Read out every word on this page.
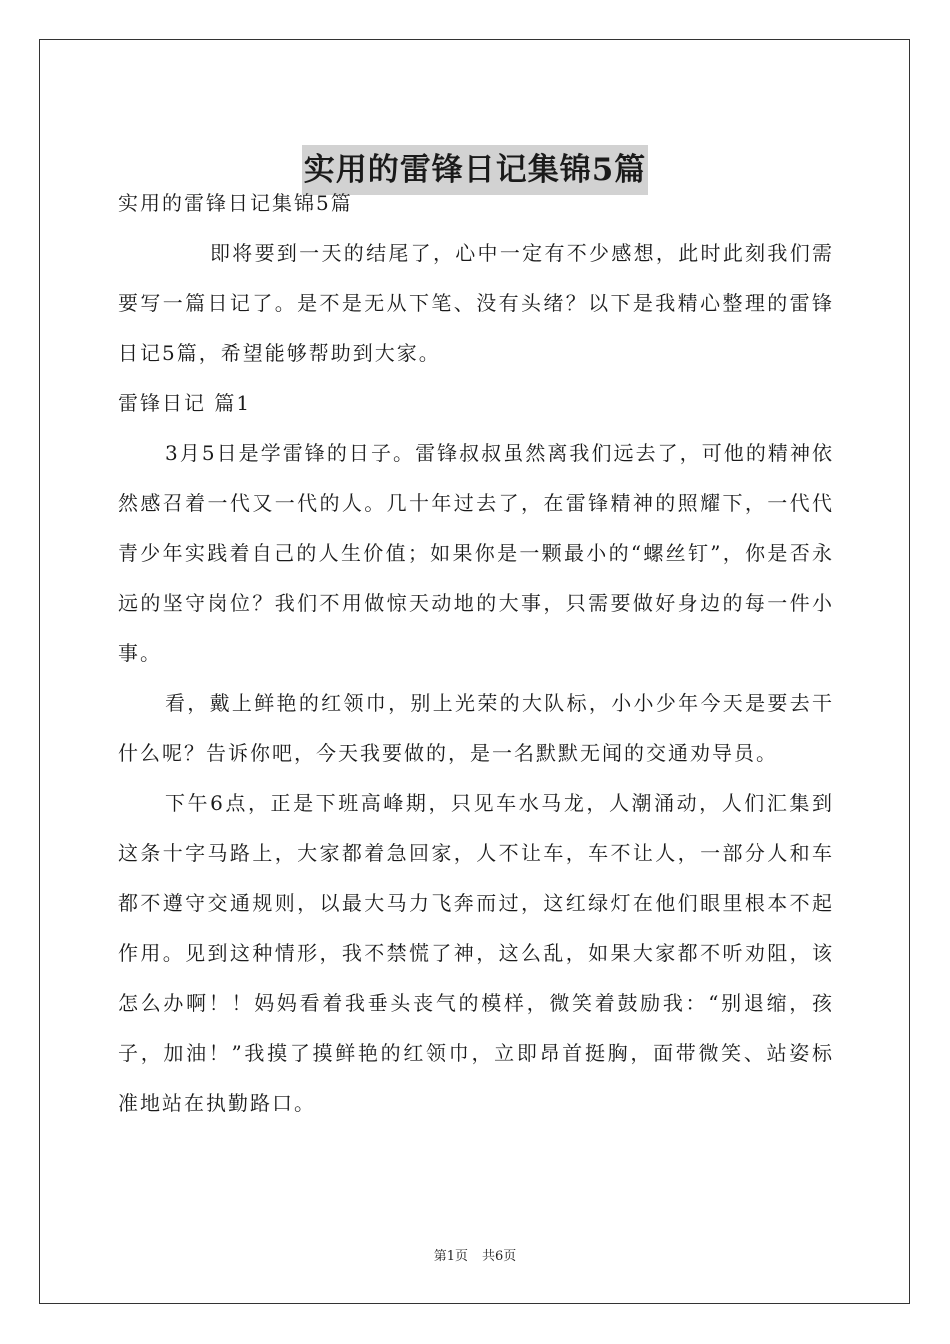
实用的雷锋日记集锦5篇

实用的雷锋日记集锦5篇

即将要到一天的结尾了，心中一定有不少感想，此时此刻我们需要写一篇日记了。是不是无从下笔、没有头绪？以下是我精心整理的雷锋日记5篇，希望能够帮助到大家。

雷锋日记 篇1

3月5日是学雷锋的日子。雷锋叔叔虽然离我们远去了，可他的精神依然感召着一代又一代的人。几十年过去了，在雷锋精神的照耀下，一代代青少年实践着自己的人生价值；如果你是一颗最小的“螺丝钉”，你是否永远的坚守岗位？我们不用做惊天动地的大事，只需要做好身边的每一件小事。

看，戴上鲜艳的红领巾，别上光荣的大队标，小小少年今天是要去干什么呢？告诉你吧，今天我要做的，是一名默默无闻的交通劝导员。

下午6点，正是下班高峰期，只见车水马龙，人潮涌动，人们汇集到这条十字马路上，大家都着急回家，人不让车，车不让人，一部分人和车都不遵守交通规则，以最大马力飞奔而过，这红绿灯在他们眼里根本不起作用。见到这种情形，我不禁慌了神，这么乱，如果大家都不听劝阻，该怎么办啊！！妈妈看着我垂头丧气的模样，微笑着鼓励我：“别退缩，孩子，加油！”我摸了摸鲜艳的红领巾，立即昂首挺胸，面带微笑、站姿标准地站在执勤路口。

第1页 共6页
